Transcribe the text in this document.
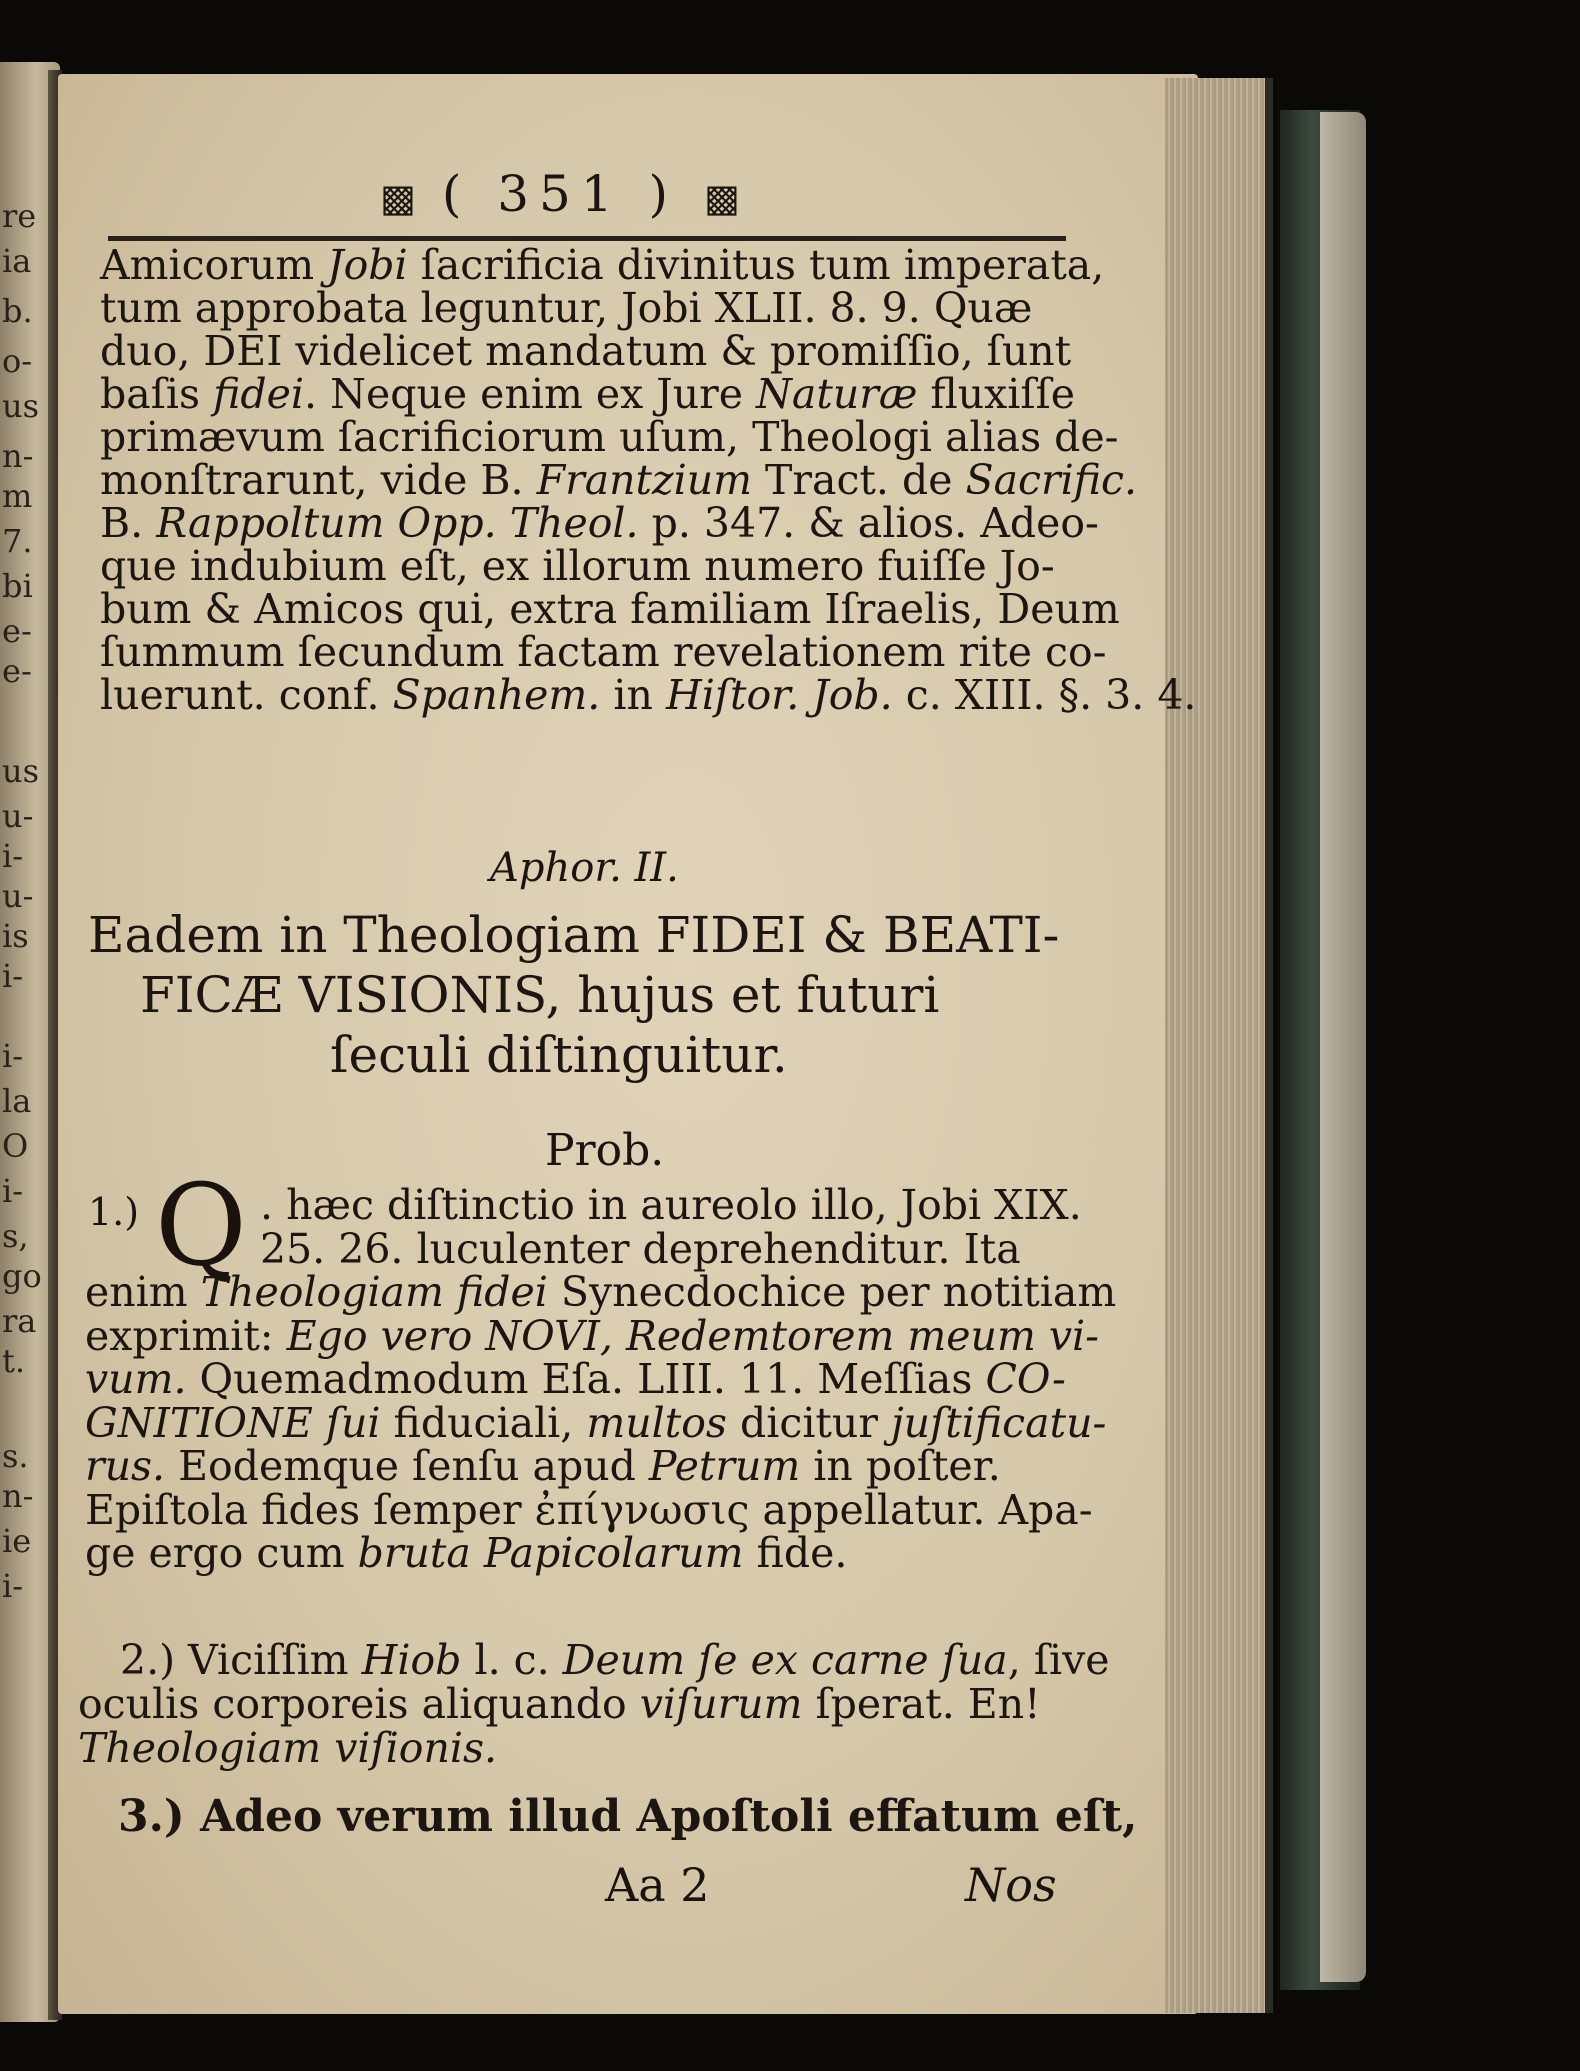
▩ ( 351 ) ▩
Amicorum Jobi ſacrificia divinitus tum imperata,
tum approbata leguntur, Jobi XLII. 8. 9. Quæ
duo, DEI videlicet mandatum & promiſſio, ſunt
baſis fidei. Neque enim ex Jure Naturæ fluxiſſe
primævum ſacrificiorum uſum, Theologi alias de-
monſtrarunt, vide B. Frantzium Tract. de Sacrific.
B. Rappoltum Opp. Theol. p. 347. & alios. Adeo-
que indubium eſt, ex illorum numero fuiſſe Jo-
bum & Amicos qui, extra familiam Iſraelis, Deum
ſummum ſecundum factam revelationem rite co-
luerunt. conf. Spanhem. in Hiſtor. Job. c. XIII. §. 3. 4.
Aphor. II.
Eadem in Theologiam FIDEI & BEATI-
FICÆ VISIONIS, hujus et futuri
ſeculi diſtinguitur.
Prob.
1.) Q . hæc diſtinctio in aureolo illo, Jobi XIX.
25. 26. luculenter deprehenditur. Ita
enim Theologiam fidei Synecdochice per notitiam
exprimit: Ego vero NOVI, Redemtorem meum vi-
vum. Quemadmodum Eſa. LIII. 11. Meſſias CO-
GNITIONE ſui fiduciali, multos dicitur juſtificatu-
rus. Eodemque ſenſu apud Petrum in poſter.
Epiſtola fides ſemper ἐπίγνωσις appellatur. Apa-
ge ergo cum bruta Papicolarum fide.
2.) Viciſſim Hiob l. c. Deum ſe ex carne ſua, ſive
oculis corporeis aliquando viſurum ſperat. En!
Theologiam viſionis.
3.) Adeo verum illud Apoſtoli effatum eſt,
Aa 2	Nos
re
ia
b.
o-
us
n-
m
7.
bi
e-
e-
us
u-
i-
u-
is
i-
i-
la
O
i-
s,
go
ra
t.
s.
n-
ie
i-
